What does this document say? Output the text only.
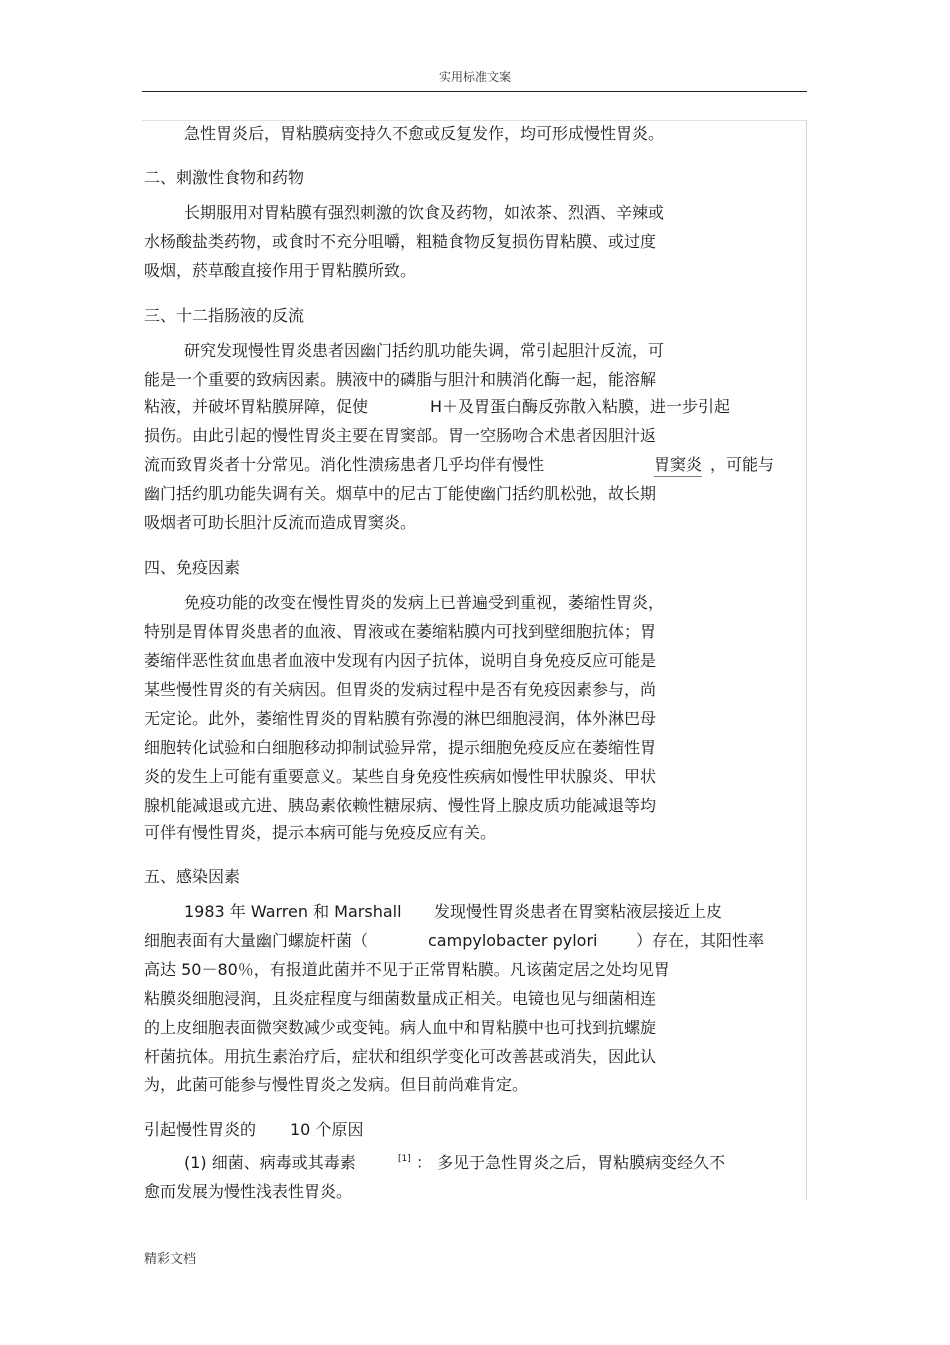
实用标准文案
急性胃炎后，胃粘膜病变持久不愈或反复发作，均可形成慢性胃炎。
二、刺激性食物和药物
长期服用对胃粘膜有强烈刺激的饮食及药物，如浓茶、烈酒、辛辣或
水杨酸盐类药物，或食时不充分咀嚼，粗糙食物反复损伤胃粘膜、或过度
吸烟，菸草酸直接作用于胃粘膜所致。
三、十二指肠液的反流
研究发现慢性胃炎患者因幽门括约肌功能失调，常引起胆汁反流，可
能是一个重要的致病因素。胰液中的磷脂与胆汁和胰消化酶一起，能溶解
粘液，并破坏胃粘膜屏障，促使	H＋及胃蛋白酶反弥散入粘膜，进一步引起
损伤。由此引起的慢性胃炎主要在胃窦部。胃一空肠吻合术患者因胆汁返
流而致胃炎者十分常见。消化性溃疡患者几乎均伴有慢性	胃窦炎 ，可能与
幽门括约肌功能失调有关。烟草中的尼古丁能使幽门括约肌松弛，故长期
吸烟者可助长胆汁反流而造成胃窦炎。
四、免疫因素
免疫功能的改变在慢性胃炎的发病上已普遍受到重视，萎缩性胃炎，
特别是胃体胃炎患者的血液、胃液或在萎缩粘膜内可找到壁细胞抗体；胃
萎缩伴恶性贫血患者血液中发现有内因子抗体，说明自身免疫反应可能是
某些慢性胃炎的有关病因。但胃炎的发病过程中是否有免疫因素参与，尚
无定论。此外，萎缩性胃炎的胃粘膜有弥漫的淋巴细胞浸润，体外淋巴母
细胞转化试验和白细胞移动抑制试验异常，提示细胞免疫反应在萎缩性胃
炎的发生上可能有重要意义。某些自身免疫性疾病如慢性甲状腺炎、甲状
腺机能减退或亢进、胰岛素依赖性糖尿病、慢性肾上腺皮质功能减退等均
可伴有慢性胃炎，提示本病可能与免疫反应有关。
五、感染因素
1983 年 Warren 和 Marshall 发现慢性胃炎患者在胃窦粘液层接近上皮
细胞表面有大量幽门螺旋杆菌（	campylobacter pylori ）存在，其阳性率
高达 50－80％，有报道此菌并不见于正常胃粘膜。凡该菌定居之处均见胃
粘膜炎细胞浸润，且炎症程度与细菌数量成正相关。电镜也见与细菌相连
的上皮细胞表面微突数减少或变钝。病人血中和胃粘膜中也可找到抗螺旋
杆菌抗体。用抗生素治疗后，症状和组织学变化可改善甚或消失，因此认
为，此菌可能参与慢性胃炎之发病。但目前尚难肯定。
引起慢性胃炎的 10 个原因
(1) 细菌、病毒或其毒素	[1] ： 多见于急性胃炎之后，胃粘膜病变经久不
愈而发展为慢性浅表性胃炎。
精彩文档
